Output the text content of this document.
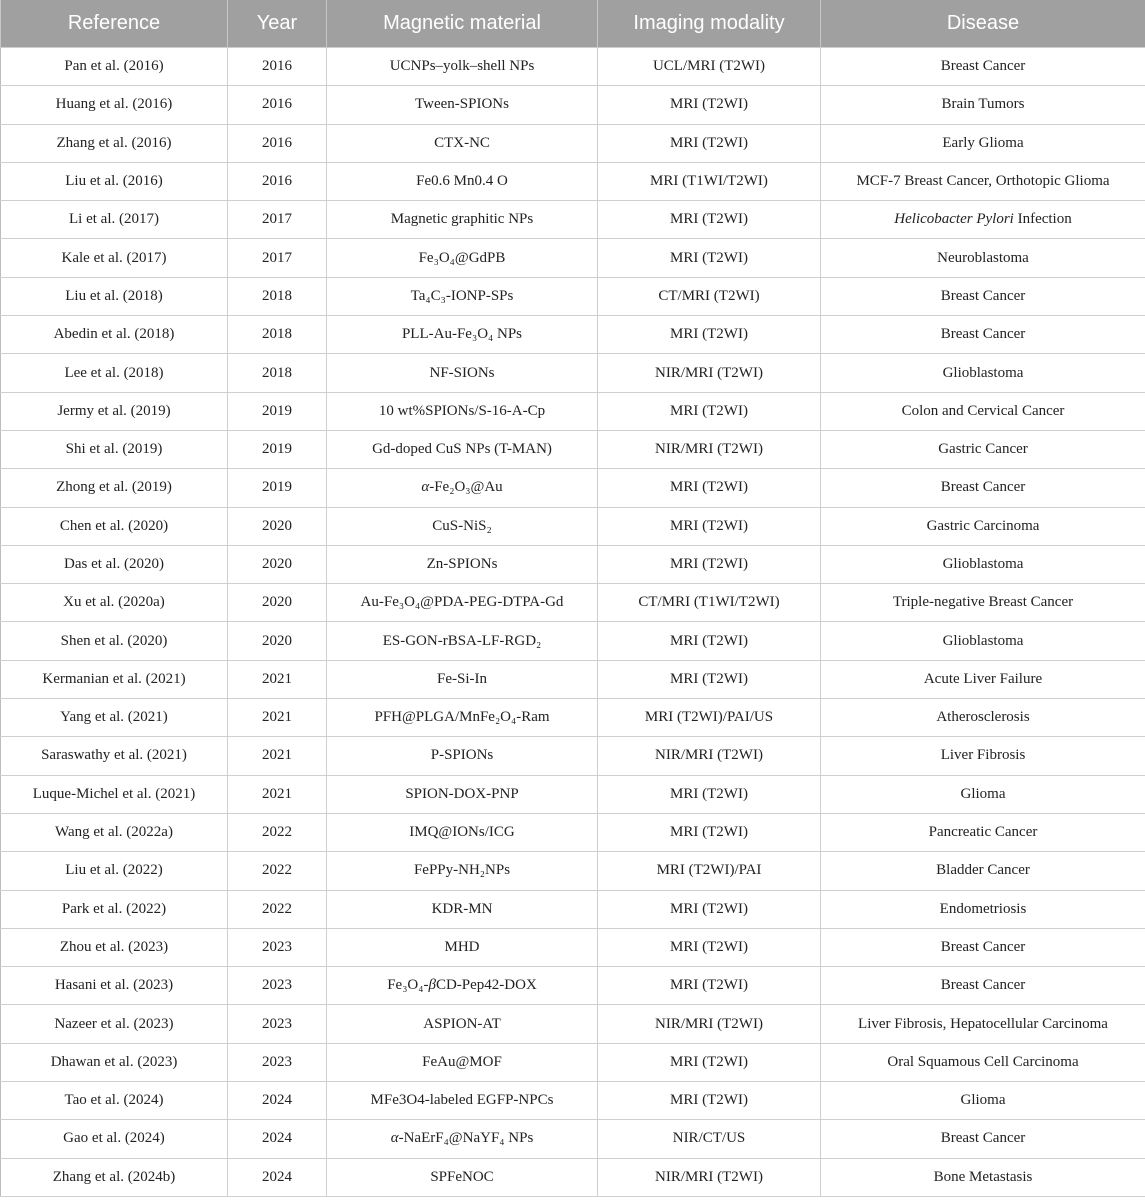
Reference	Year	Magnetic material	Imaging modality	Disease
Pan et al. (2016)	2016	UCNPs–yolk–shell NPs	UCL/MRI (T2WI)	Breast Cancer
Huang et al. (2016)	2016	Tween-SPIONs	MRI (T2WI)	Brain Tumors
Zhang et al. (2016)	2016	CTX-NC	MRI (T2WI)	Early Glioma
Liu et al. (2016)	2016	Fe0.6 Mn0.4 O	MRI (T1WI/T2WI)	MCF-7 Breast Cancer, Orthotopic Glioma
Li et al. (2017)	2017	Magnetic graphitic NPs	MRI (T2WI)	Helicobacter Pylori Infection
Kale et al. (2017)	2017	Fe₃O₄@GdPB	MRI (T2WI)	Neuroblastoma
Liu et al. (2018)	2018	Ta₄C₃-IONP-SPs	CT/MRI (T2WI)	Breast Cancer
Abedin et al. (2018)	2018	PLL-Au-Fe₃O₄ NPs	MRI (T2WI)	Breast Cancer
Lee et al. (2018)	2018	NF-SIONs	NIR/MRI (T2WI)	Glioblastoma
Jermy et al. (2019)	2019	10 wt%SPIONs/S-16-A-Cp	MRI (T2WI)	Colon and Cervical Cancer
Shi et al. (2019)	2019	Gd-doped CuS NPs (T-MAN)	NIR/MRI (T2WI)	Gastric Cancer
Zhong et al. (2019)	2019	α-Fe₂O₃@Au	MRI (T2WI)	Breast Cancer
Chen et al. (2020)	2020	CuS-NiS₂	MRI (T2WI)	Gastric Carcinoma
Das et al. (2020)	2020	Zn-SPIONs	MRI (T2WI)	Glioblastoma
Xu et al. (2020a)	2020	Au-Fe₃O₄@PDA-PEG-DTPA-Gd	CT/MRI (T1WI/T2WI)	Triple-negative Breast Cancer
Shen et al. (2020)	2020	ES-GON-rBSA-LF-RGD₂	MRI (T2WI)	Glioblastoma
Kermanian et al. (2021)	2021	Fe-Si-In	MRI (T2WI)	Acute Liver Failure
Yang et al. (2021)	2021	PFH@PLGA/MnFe₂O₄-Ram	MRI (T2WI)/PAI/US	Atherosclerosis
Saraswathy et al. (2021)	2021	P-SPIONs	NIR/MRI (T2WI)	Liver Fibrosis
Luque-Michel et al. (2021)	2021	SPION-DOX-PNP	MRI (T2WI)	Glioma
Wang et al. (2022a)	2022	IMQ@IONs/ICG	MRI (T2WI)	Pancreatic Cancer
Liu et al. (2022)	2022	FePPy-NH₂NPs	MRI (T2WI)/PAI	Bladder Cancer
Park et al. (2022)	2022	KDR-MN	MRI (T2WI)	Endometriosis
Zhou et al. (2023)	2023	MHD	MRI (T2WI)	Breast Cancer
Hasani et al. (2023)	2023	Fe₃O₄-βCD-Pep42-DOX	MRI (T2WI)	Breast Cancer
Nazeer et al. (2023)	2023	ASPION-AT	NIR/MRI (T2WI)	Liver Fibrosis, Hepatocellular Carcinoma
Dhawan et al. (2023)	2023	FeAu@MOF	MRI (T2WI)	Oral Squamous Cell Carcinoma
Tao et al. (2024)	2024	MFe3O4-labeled EGFP-NPCs	MRI (T2WI)	Glioma
Gao et al. (2024)	2024	α-NaErF₄@NaYF₄ NPs	NIR/CT/US	Breast Cancer
Zhang et al. (2024b)	2024	SPFeNOC	NIR/MRI (T2WI)	Bone Metastasis
